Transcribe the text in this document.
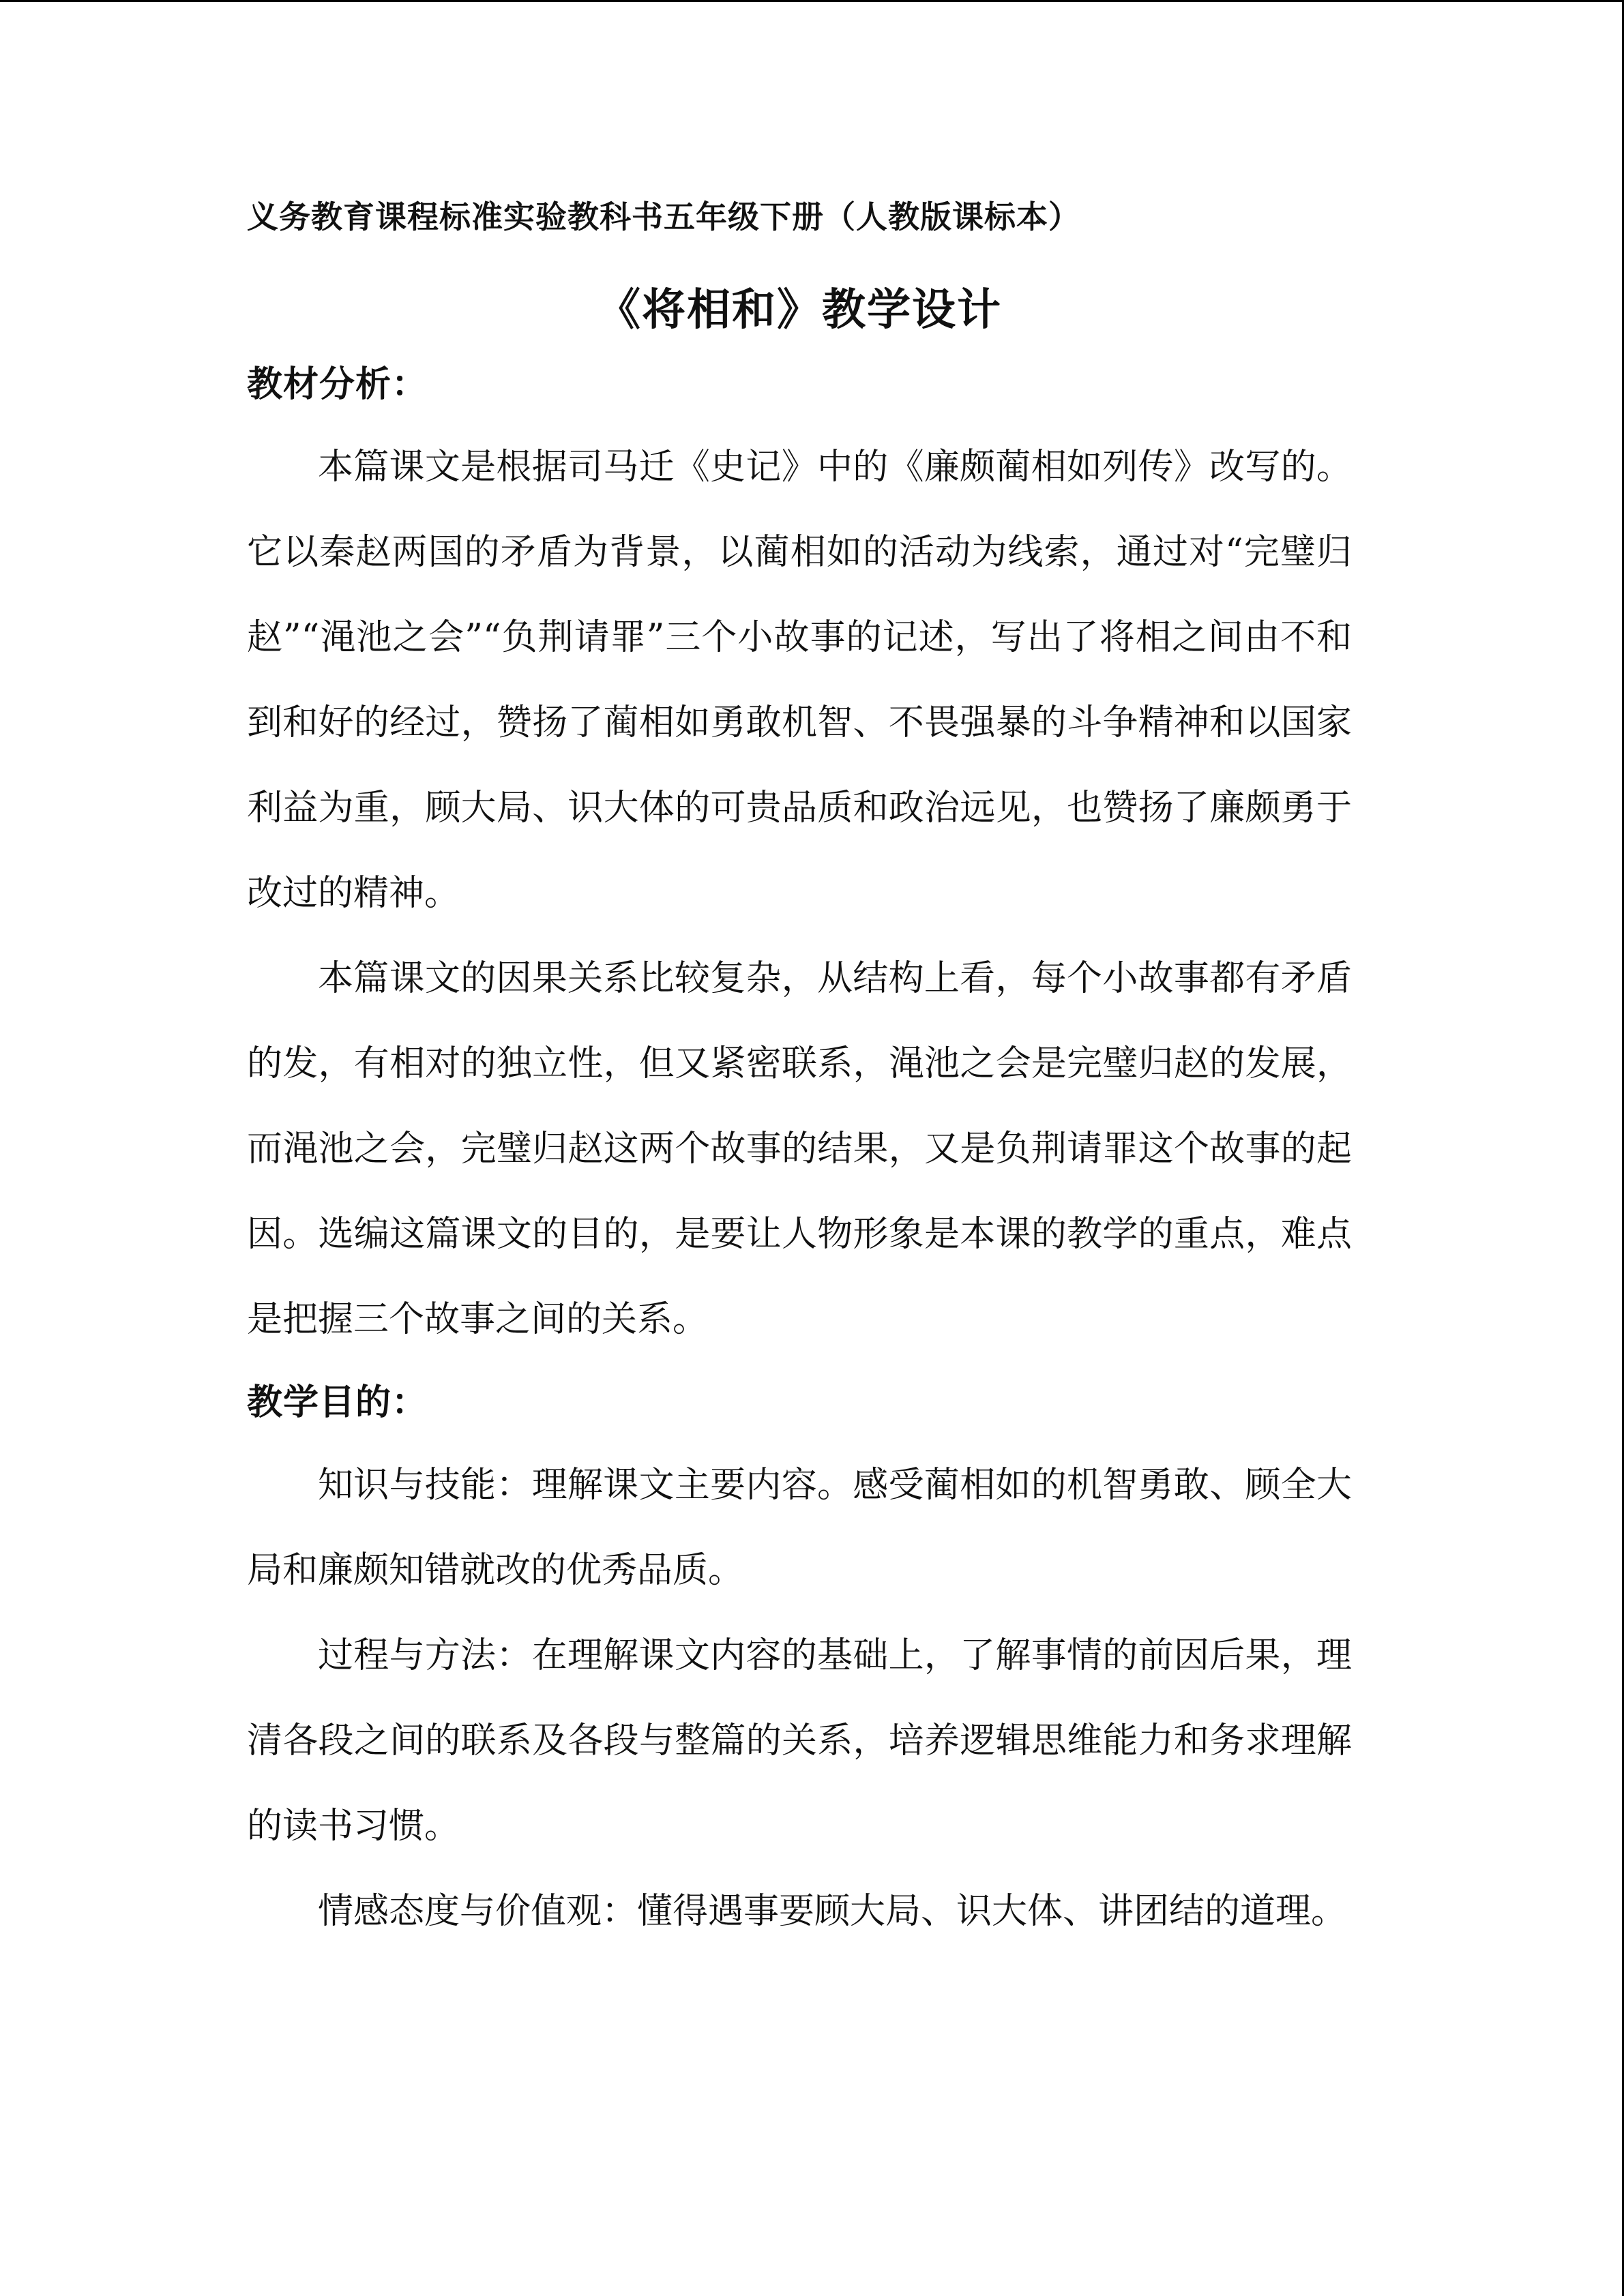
义务教育课程标准实验教科书五年级下册（人教版课标本）

《将相和》教学设计
教材分析：

本篇课文是根据司马迁《史记》中的《廉颇蔺相如列传》改写的。它以秦赵两国的矛盾为背景，以蔺相如的活动为线索，通过对“完璧归赵”“渑池之会”“负荆请罪”三个小故事的记述，写出了将相之间由不和到和好的经过，赞扬了蔺相如勇敢机智、不畏强暴的斗争精神和以国家利益为重，顾大局、识大体的可贵品质和政治远见，也赞扬了廉颇勇于改过的精神。

本篇课文的因果关系比较复杂，从结构上看，每个小故事都有矛盾的发，有相对的独立性，但又紧密联系，渑池之会是完璧归赵的发展，而渑池之会，完璧归赵这两个故事的结果，又是负荆请罪这个故事的起因。选编这篇课文的目的，是要让人物形象是本课的教学的重点，难点是把握三个故事之间的关系。

教学目的：

知识与技能：理解课文主要内容。感受蔺相如的机智勇敢、顾全大局和廉颇知错就改的优秀品质。

过程与方法：在理解课文内容的基础上，了解事情的前因后果，理清各段之间的联系及各段与整篇的关系，培养逻辑思维能力和务求理解的读书习惯。

情感态度与价值观：懂得遇事要顾大局、识大体、讲团结的道理。
